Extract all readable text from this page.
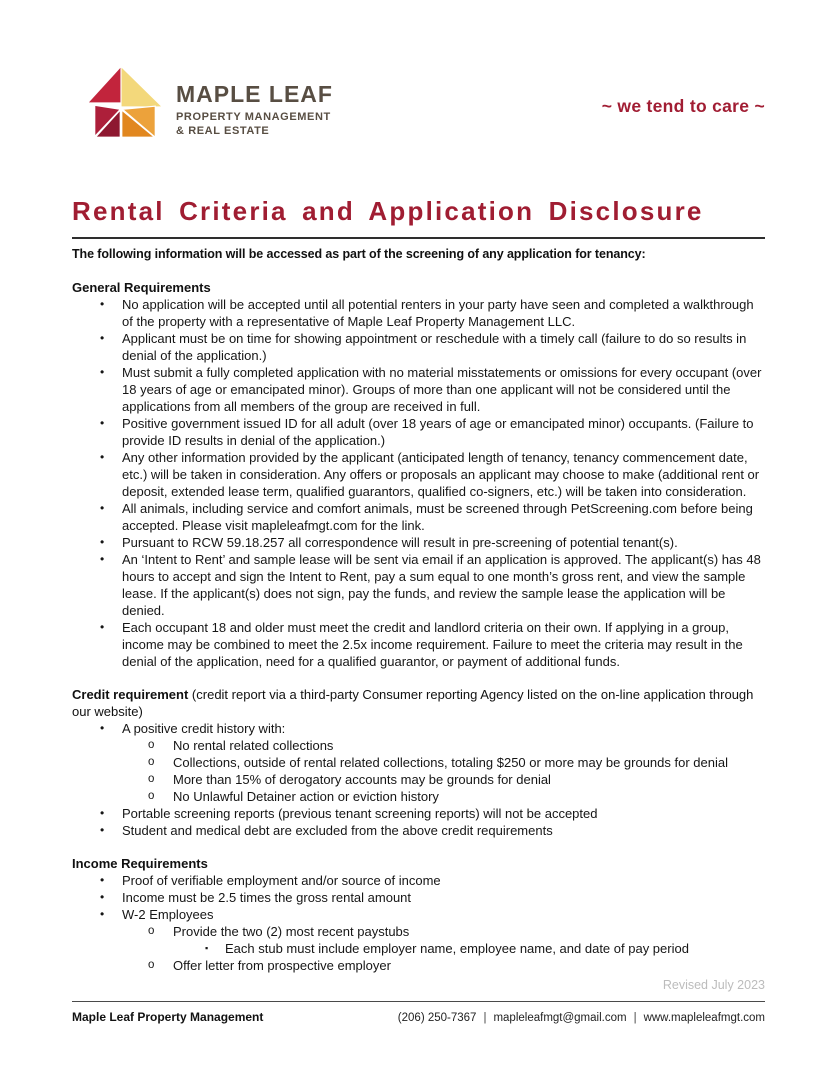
MAPLE LEAF
PROPERTY MANAGEMENT
& REAL ESTATE
~ we tend to care ~
Rental Criteria and Application Disclosure

The following information will be accessed as part of the screening of any application for tenancy:

General Requirements
•	No application will be accepted until all potential renters in your party have seen and completed a walkthrough of the property with a representative of Maple Leaf Property Management LLC.
•	Applicant must be on time for showing appointment or reschedule with a timely call (failure to do so results in denial of the application.)
•	Must submit a fully completed application with no material misstatements or omissions for every occupant (over 18 years of age or emancipated minor). Groups of more than one applicant will not be considered until the applications from all members of the group are received in full.
•	Positive government issued ID for all adult (over 18 years of age or emancipated minor) occupants. (Failure to provide ID results in denial of the application.)
•	Any other information provided by the applicant (anticipated length of tenancy, tenancy commencement date, etc.) will be taken in consideration. Any offers or proposals an applicant may choose to make (additional rent or deposit, extended lease term, qualified guarantors, qualified co-signers, etc.) will be taken into consideration.
•	All animals, including service and comfort animals, must be screened through PetScreening.com before being accepted. Please visit mapleleafmgt.com for the link.
•	Pursuant to RCW 59.18.257 all correspondence will result in pre-screening of potential tenant(s).
•	An ‘Intent to Rent’ and sample lease will be sent via email if an application is approved. The applicant(s) has 48 hours to accept and sign the Intent to Rent, pay a sum equal to one month’s gross rent, and view the sample lease. If the applicant(s) does not sign, pay the funds, and review the sample lease the application will be denied.
•	Each occupant 18 and older must meet the credit and landlord criteria on their own. If applying in a group, income may be combined to meet the 2.5x income requirement. Failure to meet the criteria may result in the denial of the application, need for a qualified guarantor, or payment of additional funds.
Credit requirement (credit report via a third-party Consumer reporting Agency listed on the on-line application through our website)
•	A positive credit history with:
o	No rental related collections
o	Collections, outside of rental related collections, totaling $250 or more may be grounds for denial
o	More than 15% of derogatory accounts may be grounds for denial
o	No Unlawful Detainer action or eviction history
•	Portable screening reports (previous tenant screening reports) will not be accepted
•	Student and medical debt are excluded from the above credit requirements
Income Requirements
•	Proof of verifiable employment and/or source of income
•	Income must be 2.5 times the gross rental amount
•	W-2 Employees
o	Provide the two (2) most recent paystubs
▪	Each stub must include employer name, employee name, and date of pay period
o	Offer letter from prospective employer
Revised July 2023
Maple Leaf Property Management	(206) 250-7367 | mapleleafmgt@gmail.com | www.mapleleafmgt.com
